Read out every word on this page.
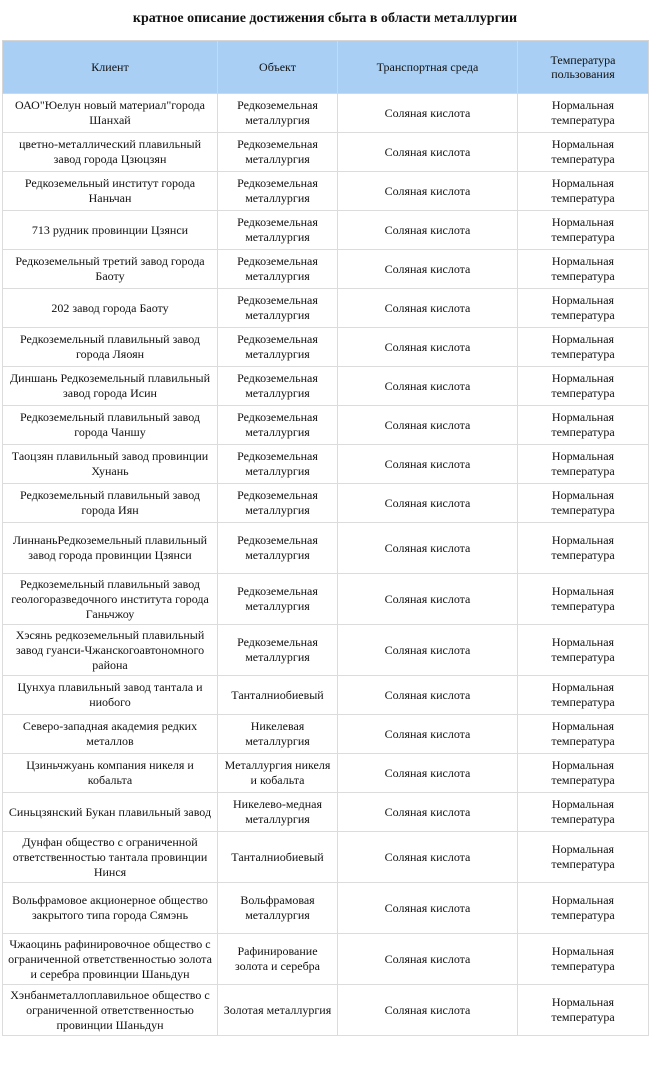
кратное описание достижения сбыта в области металлургии
Клиент	Объект	Транспортная среда	Температура пользования
ОАО"Юелун новый материал"города Шанхай	Редкоземельная металлургия	Соляная кислота	Нормальная температура
цветно-металлический плавильный завод города Цзюцзян	Редкоземельная металлургия	Соляная кислота	Нормальная температура
Редкоземельный институт города Наньчан	Редкоземельная металлургия	Соляная кислота	Нормальная температура
713 рудник провинции Цзянси	Редкоземельная металлургия	Соляная кислота	Нормальная температура
Редкоземельный третий завод города Баоту	Редкоземельная металлургия	Соляная кислота	Нормальная температура
202 завод города Баоту	Редкоземельная металлургия	Соляная кислота	Нормальная температура
Редкоземельный плавильный завод города Ляоян	Редкоземельная металлургия	Соляная кислота	Нормальная температура
Диншань Редкоземельный плавильный завод города Исин	Редкоземельная металлургия	Соляная кислота	Нормальная температура
Редкоземельный плавильный завод города Чаншу	Редкоземельная металлургия	Соляная кислота	Нормальная температура
Таоцзян плавильный завод провинции Хунань	Редкоземельная металлургия	Соляная кислота	Нормальная температура
Редкоземельный плавильный завод города Иян	Редкоземельная металлургия	Соляная кислота	Нормальная температура
ЛиннаньРедкоземельный плавильный завод города провинции Цзянси	Редкоземельная металлургия	Соляная кислота	Нормальная температура
Редкоземельный плавильный завод геологоразведочного института города Ганьчжоу	Редкоземельная металлургия	Соляная кислота	Нормальная температура
Хэсянь редкоземельный плавильный завод гуанси-Чжанскогоавтономного района	Редкоземельная металлургия	Соляная кислота	Нормальная температура
Цунхуа плавильный завод тантала и ниобого	Танталниобиевый	Соляная кислота	Нормальная температура
Северо-западная академия редких металлов	Никелевая металлургия	Соляная кислота	Нормальная температура
Цзиньчжуань компания никеля и кобальта	Металлургия никеля и кобальта	Соляная кислота	Нормальная температура
Синьцзянский Букан плавильный завод	Никелево-медная металлургия	Соляная кислота	Нормальная температура
Дунфан общество с ограниченной ответственностью тантала провинции Нинся	Танталниобиевый	Соляная кислота	Нормальная температура
Вольфрамовое акционерное общество закрытого типа города Сямэнь	Вольфрамовая металлургия	Соляная кислота	Нормальная температура
Чжаоцинь рафинировочное общество с ограниченной ответственностью золота и серебра провинции Шаньдун	Рафинирование золота и серебра	Соляная кислота	Нормальная температура
Хэнбанметаллоплавильное общество с ограниченной ответственностью провинции Шаньдун	Золотая металлургия	Соляная кислота	Нормальная температура
